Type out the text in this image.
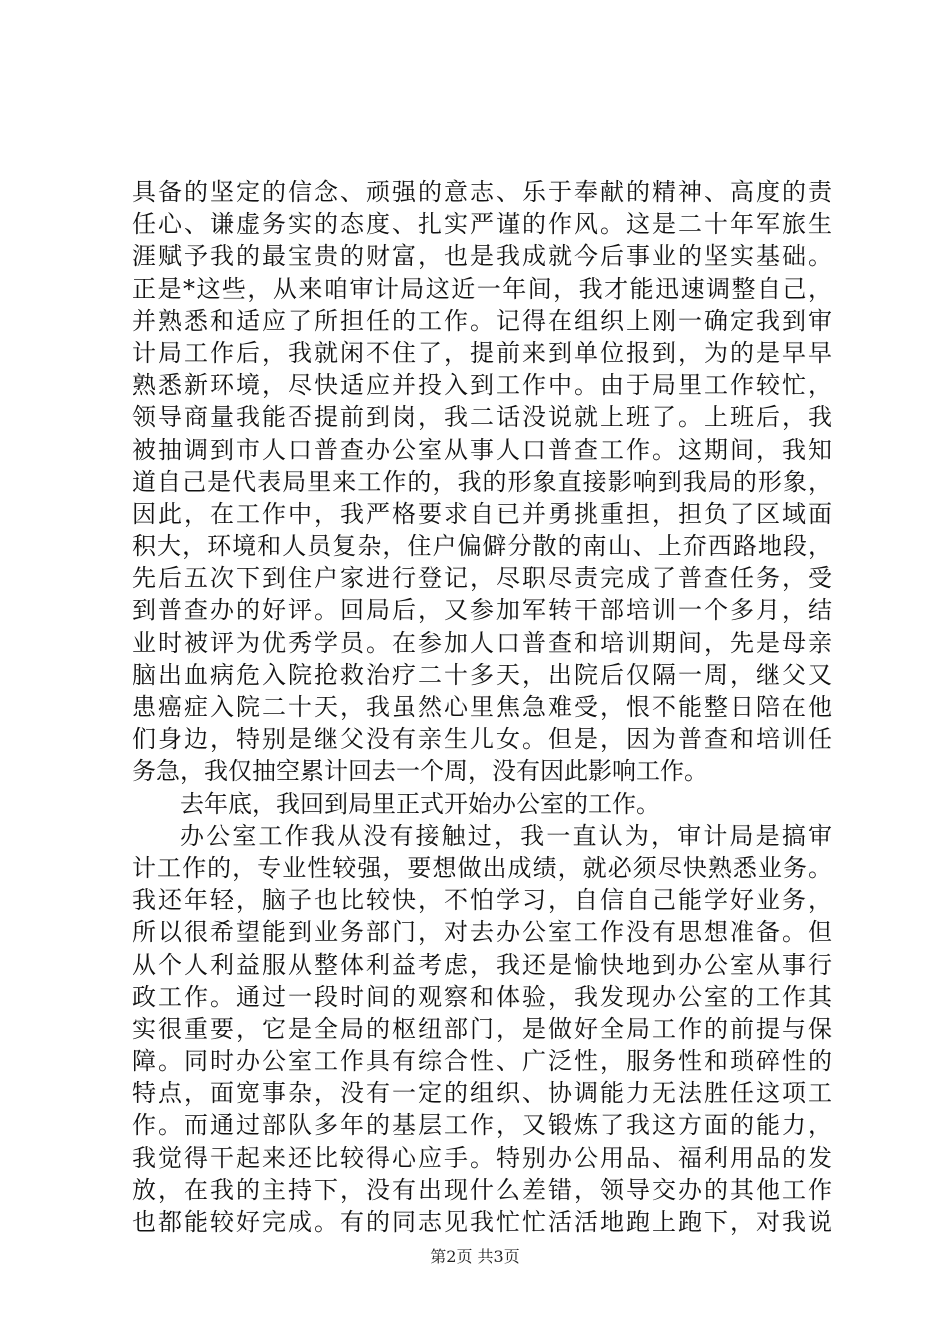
具备的坚定的信念、顽强的意志、乐于奉献的精神、高度的责
任心、谦虚务实的态度、扎实严谨的作风。这是二十年军旅生
涯赋予我的最宝贵的财富，也是我成就今后事业的坚实基础。
正是*这些，从来咱审计局这近一年间，我才能迅速调整自己，
并熟悉和适应了所担任的工作。记得在组织上刚一确定我到审
计局工作后，我就闲不住了，提前来到单位报到，为的是早早
熟悉新环境，尽快适应并投入到工作中。由于局里工作较忙，
领导商量我能否提前到岗，我二话没说就上班了。上班后，我
被抽调到市人口普查办公室从事人口普查工作。这期间，我知
道自己是代表局里来工作的，我的形象直接影响到我局的形象，
因此，在工作中，我严格要求自已并勇挑重担，担负了区域面
积大，环境和人员复杂，住户偏僻分散的南山、上夼西路地段，
先后五次下到住户家进行登记，尽职尽责完成了普查任务，受
到普查办的好评。回局后，又参加军转干部培训一个多月，结
业时被评为优秀学员。在参加人口普查和培训期间，先是母亲
脑出血病危入院抢救治疗二十多天，出院后仅隔一周，继父又
患癌症入院二十天，我虽然心里焦急难受，恨不能整日陪在他
们身边，特别是继父没有亲生儿女。但是，因为普查和培训任
务急，我仅抽空累计回去一个周，没有因此影响工作。
去年底，我回到局里正式开始办公室的工作。
办公室工作我从没有接触过，我一直认为，审计局是搞审
计工作的，专业性较强，要想做出成绩，就必须尽快熟悉业务。
我还年轻，脑子也比较快，不怕学习，自信自己能学好业务，
所以很希望能到业务部门，对去办公室工作没有思想准备。但
从个人利益服从整体利益考虑，我还是愉快地到办公室从事行
政工作。通过一段时间的观察和体验，我发现办公室的工作其
实很重要，它是全局的枢纽部门，是做好全局工作的前提与保
障。同时办公室工作具有综合性、广泛性，服务性和琐碎性的
特点，面宽事杂，没有一定的组织、协调能力无法胜任这项工
作。而通过部队多年的基层工作，又锻炼了我这方面的能力，
我觉得干起来还比较得心应手。特别办公用品、福利用品的发
放，在我的主持下，没有出现什么差错，领导交办的其他工作
也都能较好完成。有的同志见我忙忙活活地跑上跑下，对我说
第2页 共3页
